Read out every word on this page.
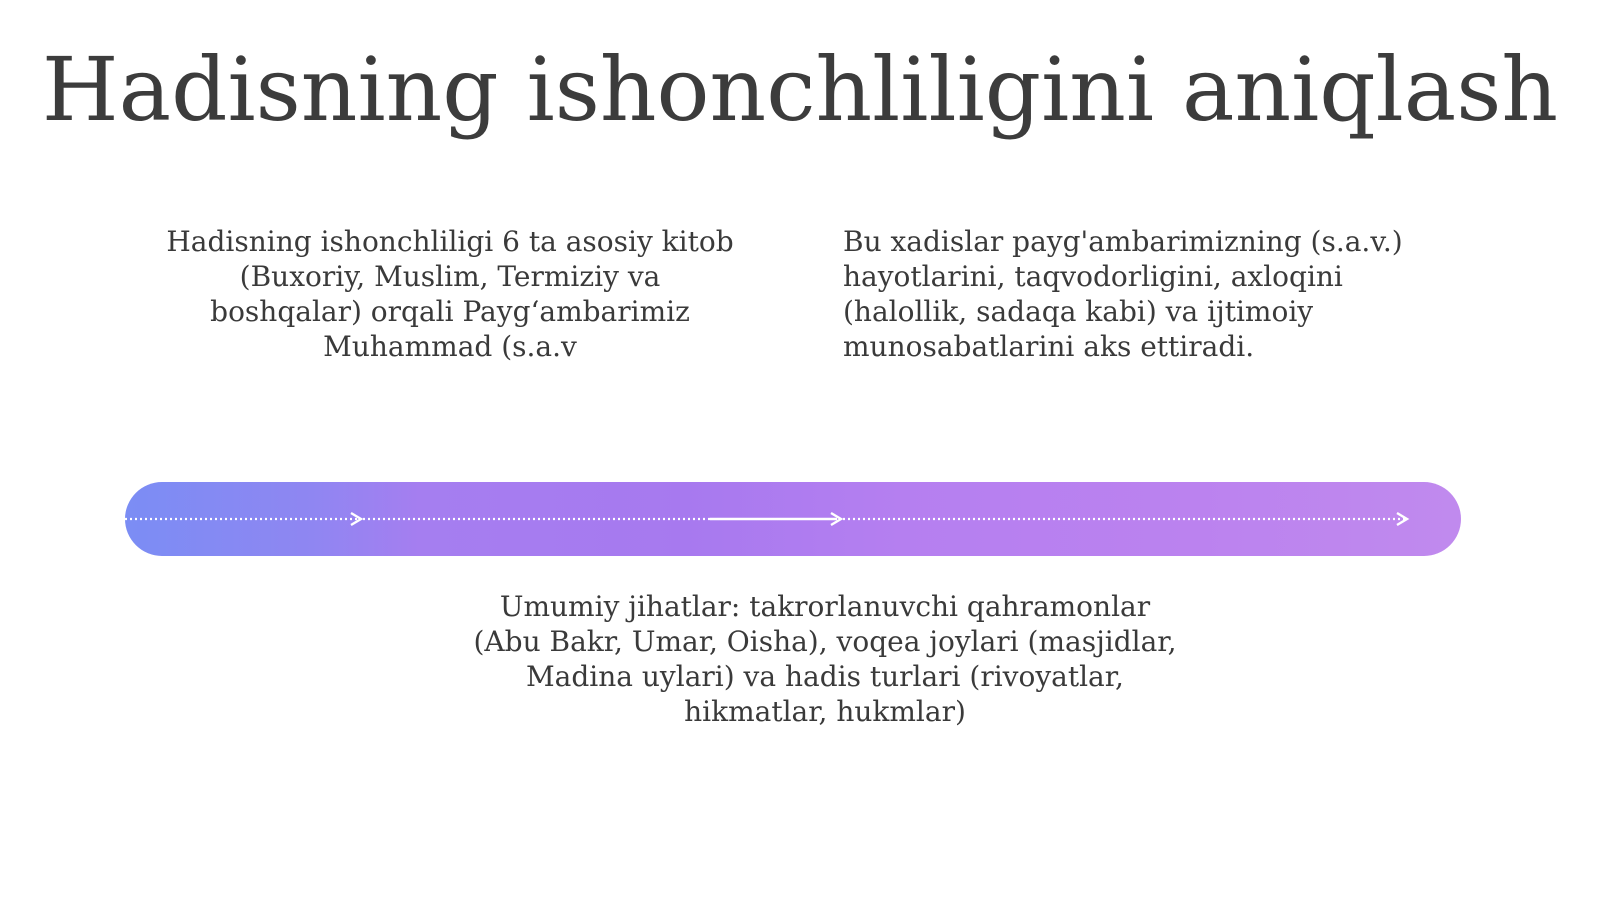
Hadisning ishonchliligini aniqlash
Hadisning ishonchliligi 6 ta asosiy kitob
(Buxoriy, Muslim, Termiziy va
boshqalar) orqali Payg‘ambarimiz
Muhammad (s.a.v
Bu xadislar payg'ambarimizning (s.a.v.)
hayotlarini, taqvodorligini, axloqini
(halollik, sadaqa kabi) va ijtimoiy
munosabatlarini aks ettiradi.
Umumiy jihatlar: takrorlanuvchi qahramonlar
(Abu Bakr, Umar, Oisha), voqea joylari (masjidlar,
Madina uylari) va hadis turlari (rivoyatlar,
hikmatlar, hukmlar)
